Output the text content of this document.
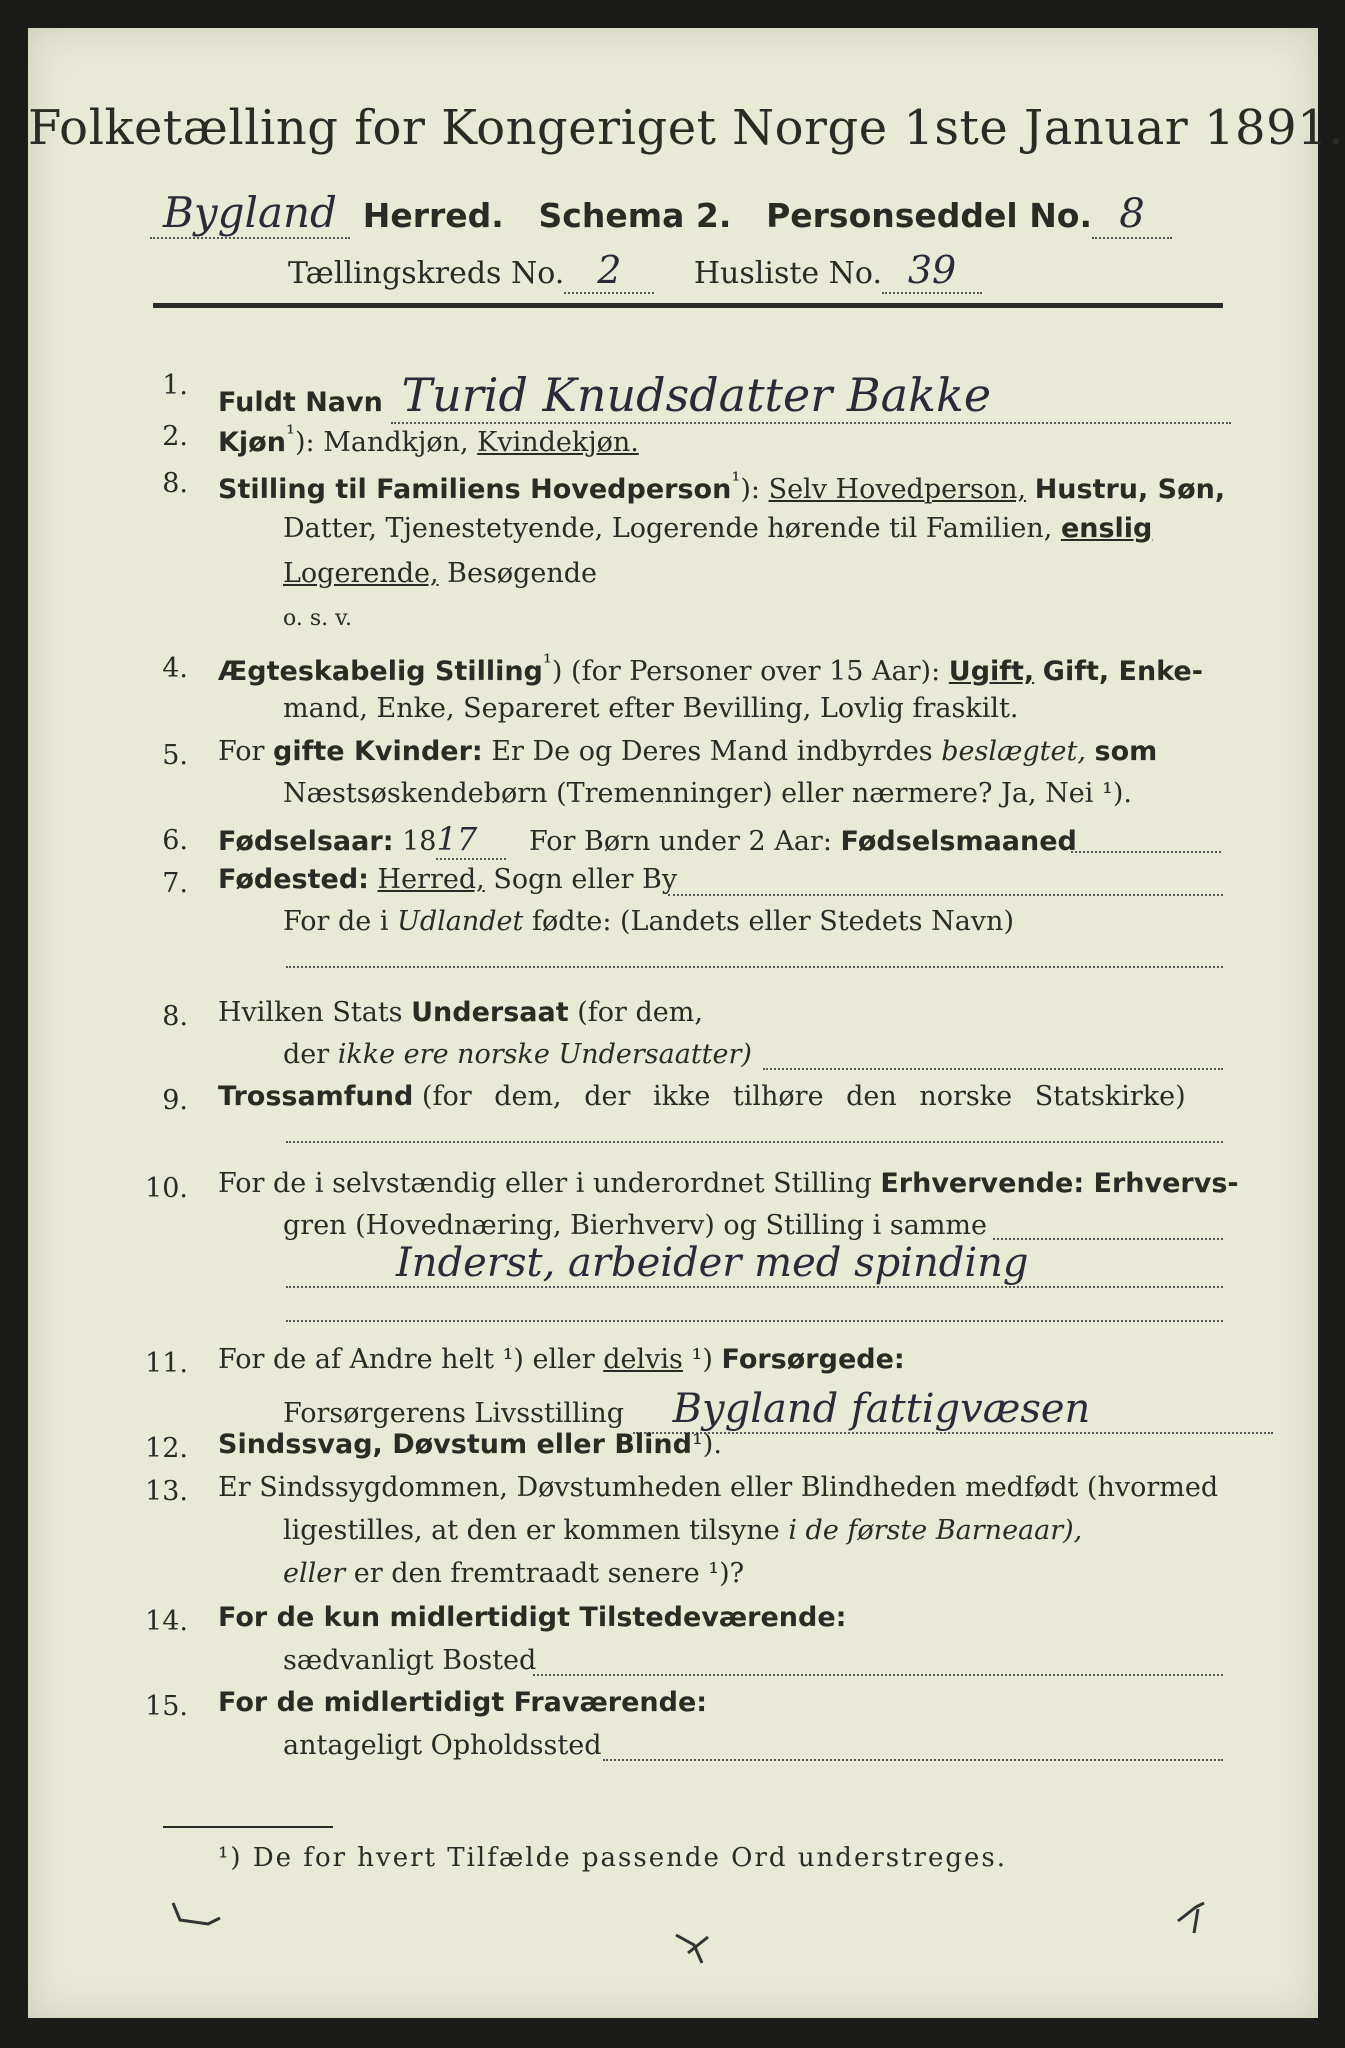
Folketælling for Kongeriget Norge 1ste Januar 1891.
Bygland Herred. Schema 2. Personseddel No. 8
Tællingskreds No. 2 Husliste No. 39
1.
Fuldt Navn Turid Knudsdatter Bakke
2. Kjøn$^{^1}$): Mandkjøn, Kvindekjøn.
8. Stilling til Familiens Hovedperson$^{^1}$): Selv Hovedperson, Hustru, Søn,
Datter, Tjenestetyende, Logerende hørende til Familien, enslig
Logerende, Besøgende
o. s. v.
4. Ægteskabelig Stilling$^{^1}$) (for Personer over 15 Aar): Ugift, Gift, Enke-
mand, Enke, Separeret efter Bevilling, Lovlig fraskilt.
5. For gifte Kvinder: Er De og Deres Mand indbyrdes beslægtet, som
Næstsøskendebørn (Tremenninger) eller nærmere? Ja, Nei ¹).
6. Fødselsaar: 1817 For Børn under 2 Aar: Fødselsmaaned
7. Fødested: Herred, Sogn eller By
For de i Udlandet fødte: (Landets eller Stedets Navn)
8. Hvilken Stats Undersaat (for dem,
der ikke ere norske Undersaatter)
9. Trossamfund (for dem, der ikke tilhøre den norske Statskirke)
10. For de i selvstændig eller i underordnet Stilling Erhvervende: Erhvervs-
gren (Hovednæring, Bierhverv) og Stilling i samme
Inderst, arbeider med spinding
11. For de af Andre helt ¹) eller delvis ¹) Forsørgede:
Forsørgerens Livsstilling Bygland fattigvæsen
12. Sindssvag, Døvstum eller Blind¹).
13. Er Sindssygdommen, Døvstumheden eller Blindheden medfødt (hvormed
ligestilles, at den er kommen tilsyne i de første Barneaar),
eller er den fremtraadt senere ¹)?
14. For de kun midlertidigt Tilstedeværende:
sædvanligt Bosted
15. For de midlertidigt Fraværende:
antageligt Opholdssted
¹) De for hvert Tilfælde passende Ord understreges.
